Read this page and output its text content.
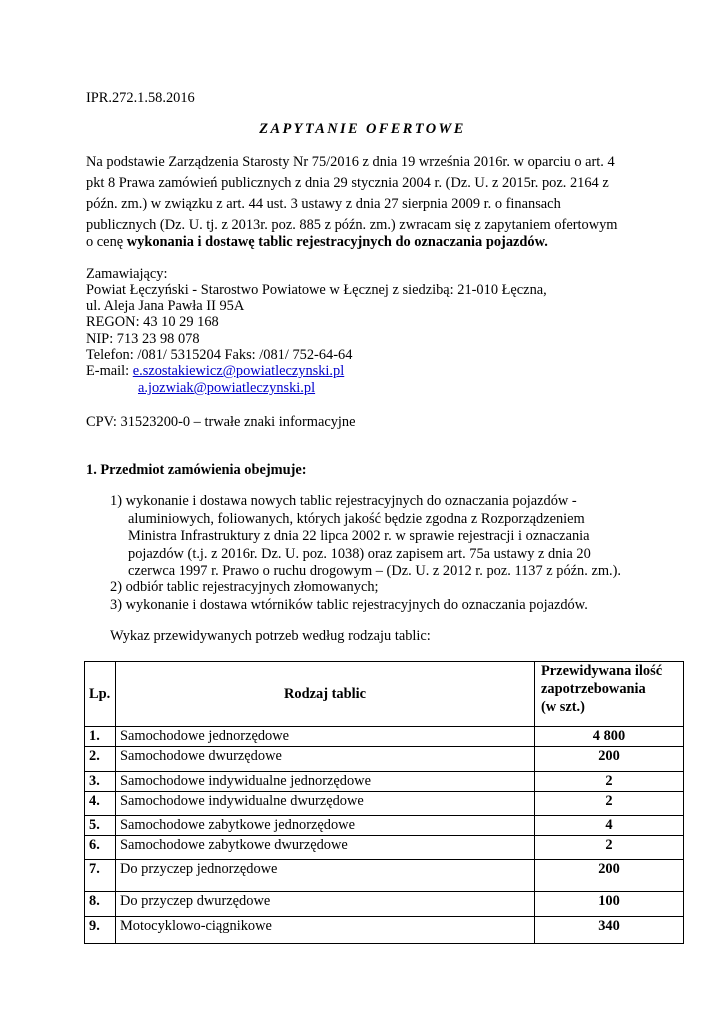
IPR.272.1.58.2016
ZAPYTANIE OFERTOWE
Na podstawie Zarządzenia Starosty Nr 75/2016 z dnia 19 września 2016r. w oparciu o art. 4
pkt 8 Prawa zamówień publicznych z dnia 29 stycznia 2004 r. (Dz. U. z 2015r. poz. 2164 z
późn. zm.) w związku z art. 44 ust. 3 ustawy z dnia 27 sierpnia 2009 r. o finansach
publicznych (Dz. U. tj. z 2013r. poz. 885 z późn. zm.) zwracam się z zapytaniem ofertowym
o cenę wykonania i dostawę tablic rejestracyjnych do oznaczania pojazdów.
Zamawiający:
Powiat Łęczyński - Starostwo Powiatowe w Łęcznej z siedzibą: 21-010 Łęczna,
ul. Aleja Jana Pawła II 95A
REGON: 43 10 29 168
NIP: 713 23 98 078
Telefon: /081/ 5315204 Faks: /081/ 752-64-64
E-mail: e.szostakiewicz@powiatleczynski.pl
a.jozwiak@powiatleczynski.pl
CPV: 31523200-0 – trwałe znaki informacyjne
1. Przedmiot zamówienia obejmuje:
1) wykonanie i dostawa nowych tablic rejestracyjnych do oznaczania pojazdów -
aluminiowych, foliowanych, których jakość będzie zgodna z Rozporządzeniem
Ministra Infrastruktury z dnia 22 lipca 2002 r. w sprawie rejestracji i oznaczania
pojazdów (t.j. z 2016r. Dz. U. poz. 1038) oraz zapisem art. 75a ustawy z dnia 20
czerwca 1997 r. Prawo o ruchu drogowym – (Dz. U. z 2012 r. poz. 1137 z późn. zm.).
2) odbiór tablic rejestracyjnych złomowanych;
3) wykonanie i dostawa wtórników tablic rejestracyjnych do oznaczania pojazdów.
Wykaz przewidywanych potrzeb według rodzaju tablic:
Lp.	Rodzaj tablic	Przewidywana ilość
zapotrzebowania
(w szt.)

1.	Samochodowe jednorzędowe	4 800
2.	Samochodowe dwurzędowe	200
3.	Samochodowe indywidualne jednorzędowe	2
4.	Samochodowe indywidualne dwurzędowe	2
5.	Samochodowe zabytkowe jednorzędowe	4
6.	Samochodowe zabytkowe dwurzędowe	2
7.	Do przyczep jednorzędowe	200
8.	Do przyczep dwurzędowe	100
9.	Motocyklowo-ciągnikowe	340
